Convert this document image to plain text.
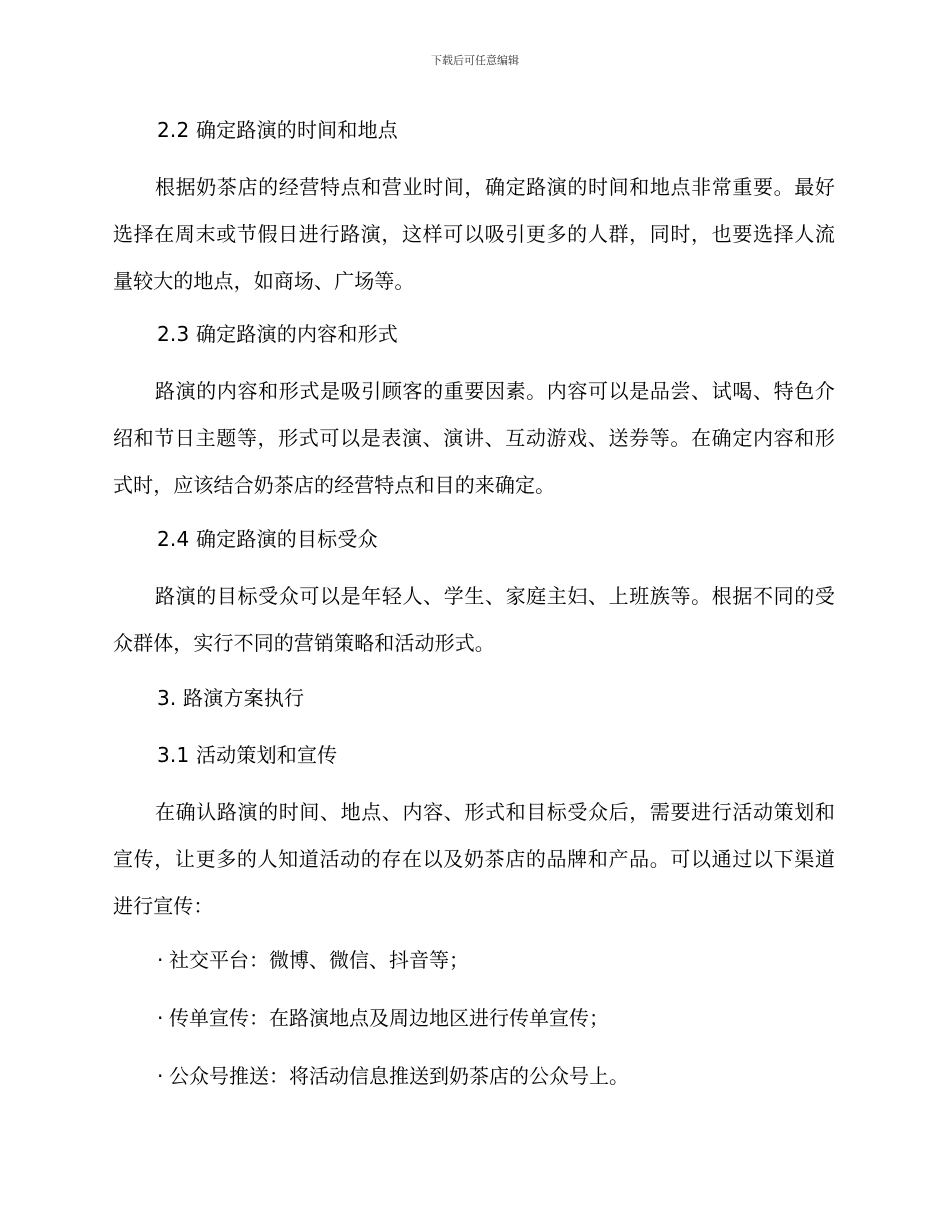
下载后可任意编辑
2.2 确定路演的时间和地点

根据奶茶店的经营特点和营业时间，确定路演的时间和地点非常重要。最好选择在周末或节假日进行路演，这样可以吸引更多的人群，同时，也要选择人流量较大的地点，如商场、广场等。

2.3 确定路演的内容和形式

路演的内容和形式是吸引顾客的重要因素。内容可以是品尝、试喝、特色介绍和节日主题等，形式可以是表演、演讲、互动游戏、送券等。在确定内容和形式时，应该结合奶茶店的经营特点和目的来确定。

2.4 确定路演的目标受众

路演的目标受众可以是年轻人、学生、家庭主妇、上班族等。根据不同的受众群体，实行不同的营销策略和活动形式。

3. 路演方案执行
3.1 活动策划和宣传

在确认路演的时间、地点、内容、形式和目标受众后，需要进行活动策划和宣传，让更多的人知道活动的存在以及奶茶店的品牌和产品。可以通过以下渠道进行宣传：

· 社交平台：微博、微信、抖音等；
· 传单宣传：在路演地点及周边地区进行传单宣传；
· 公众号推送：将活动信息推送到奶茶店的公众号上。
